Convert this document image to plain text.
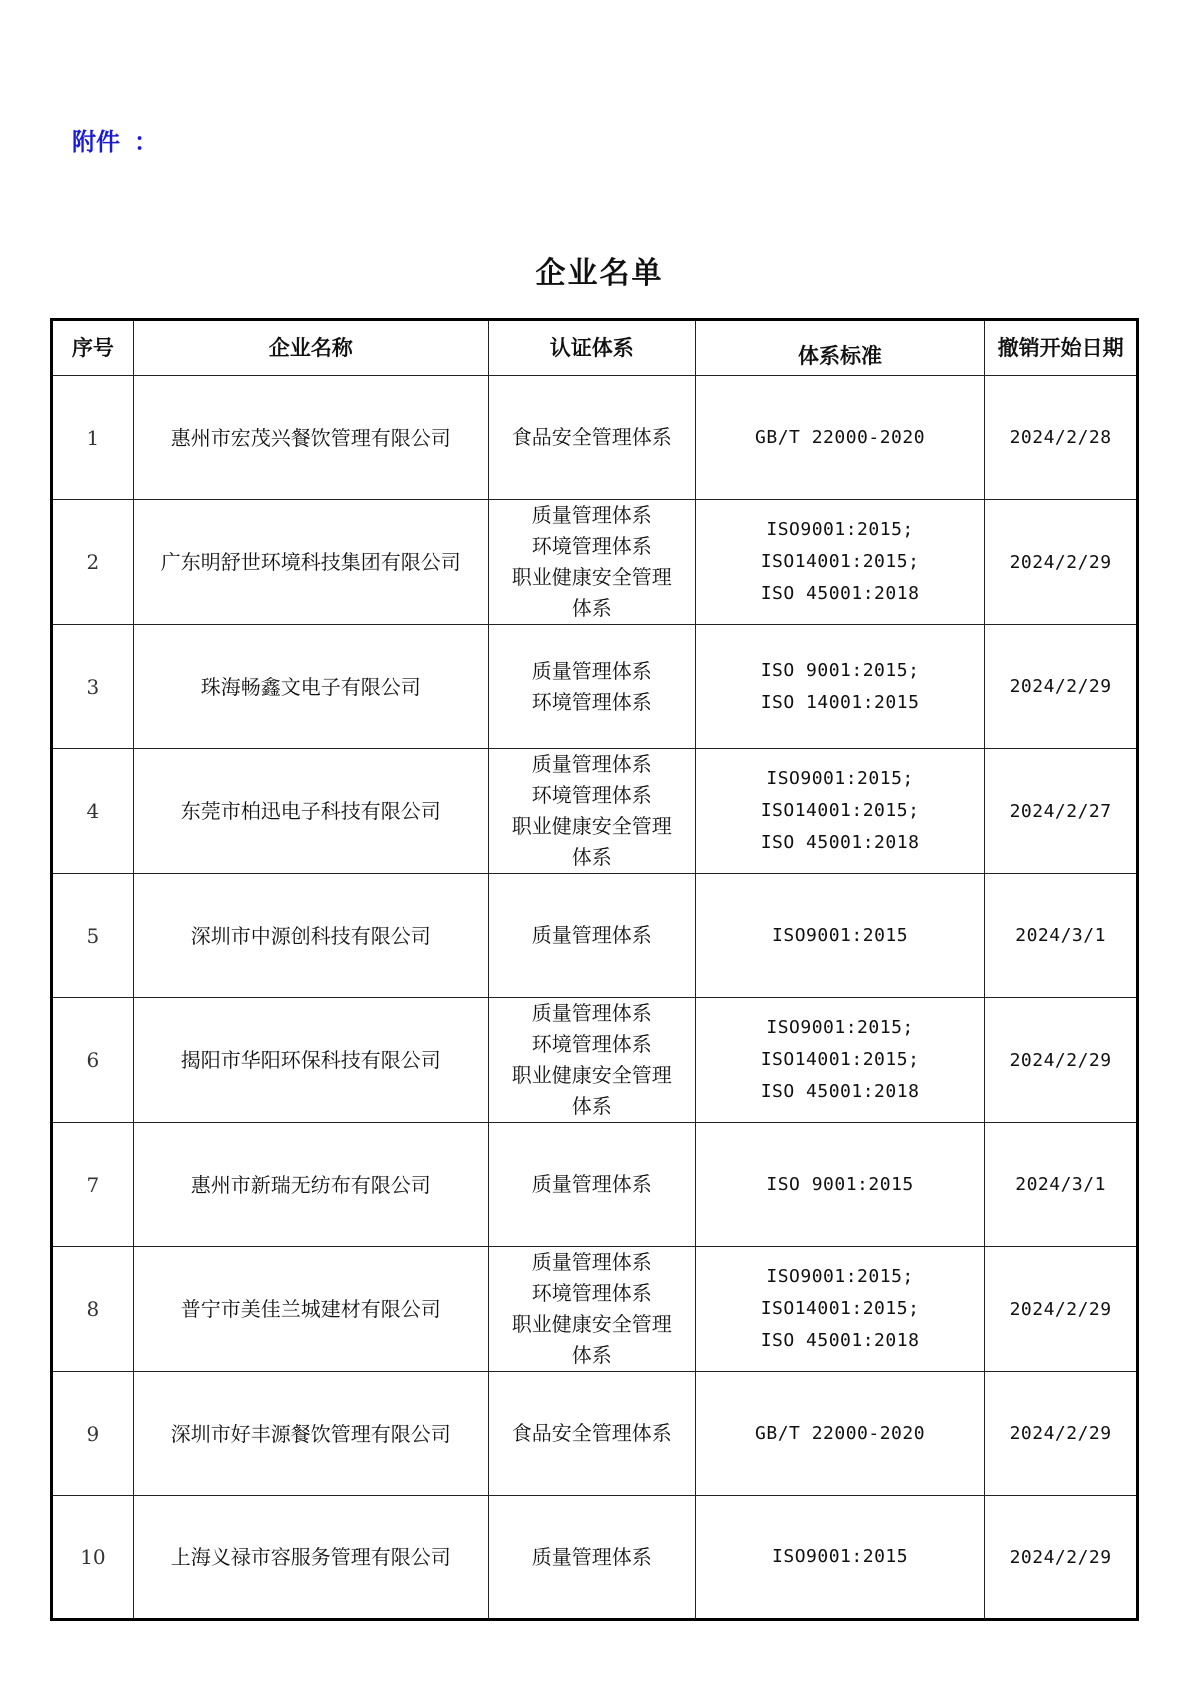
附件 ：
企业名单
序号	企业名称	认证体系	体系标准	撤销开始日期
1	惠州市宏茂兴餐饮管理有限公司	食品安全管理体系	GB/T 22000-2020	2024/2/28
2	广东明舒世环境科技集团有限公司	质量管理体系
环境管理体系
职业健康安全管理
体系	ISO9001:2015;
ISO14001:2015;
ISO 45001:2018	2024/2/29
3	珠海畅鑫文电子有限公司	质量管理体系
环境管理体系	ISO 9001:2015;
ISO 14001:2015	2024/2/29
4	东莞市柏迅电子科技有限公司	质量管理体系
环境管理体系
职业健康安全管理
体系	ISO9001:2015;
ISO14001:2015;
ISO 45001:2018	2024/2/27
5	深圳市中源创科技有限公司	质量管理体系	ISO9001:2015	2024/3/1
6	揭阳市华阳环保科技有限公司	质量管理体系
环境管理体系
职业健康安全管理
体系	ISO9001:2015;
ISO14001:2015;
ISO 45001:2018	2024/2/29
7	惠州市新瑞无纺布有限公司	质量管理体系	ISO 9001:2015	2024/3/1
8	普宁市美佳兰城建材有限公司	质量管理体系
环境管理体系
职业健康安全管理
体系	ISO9001:2015;
ISO14001:2015;
ISO 45001:2018	2024/2/29
9	深圳市好丰源餐饮管理有限公司	食品安全管理体系	GB/T 22000-2020	2024/2/29
10	上海义禄市容服务管理有限公司	质量管理体系	ISO9001:2015	2024/2/29
